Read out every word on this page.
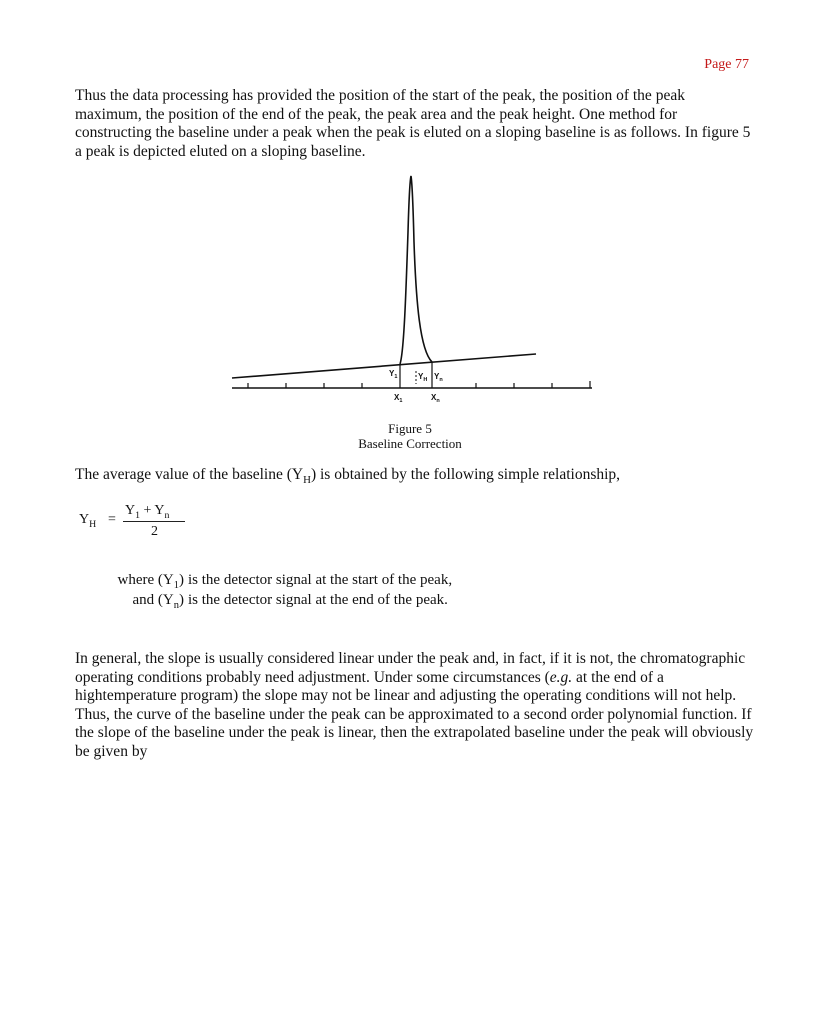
Page 77

Thus the data processing has provided the position of the start of the peak, the position of the peak maximum, the position of the end of the peak, the peak area and the peak height. One method for constructing the baseline under a peak when the peak is eluted on a sloping baseline is as follows. In figure 5 a peak is depicted eluted on a sloping baseline.

$Y_1$	$Y_H$ $Y_n$
$X_1$	$X_n$
Figure 5
Baseline Correction

The average value of the baseline $(Y_H)$ is obtained by the following simple relationship,

$Y_H$ =
$Y_1 + Y_n$
2
where $(Y_1)$ is the detector signal at the start of the peak,
and $(Y_n)$ is the detector signal at the end of the peak.

In general, the slope is usually considered linear under the peak and, in fact, if it is not, the chromatographic operating conditions probably need adjustment. Under some circumstances (e.g. at the end of a hightemperature program) the slope may not be linear and adjusting the operating conditions will not help. Thus, the curve of the baseline under the peak can be approximated to a second order polynomial function. If the slope of the baseline under the peak is linear, then the extrapolated baseline under the peak will obviously be given by
